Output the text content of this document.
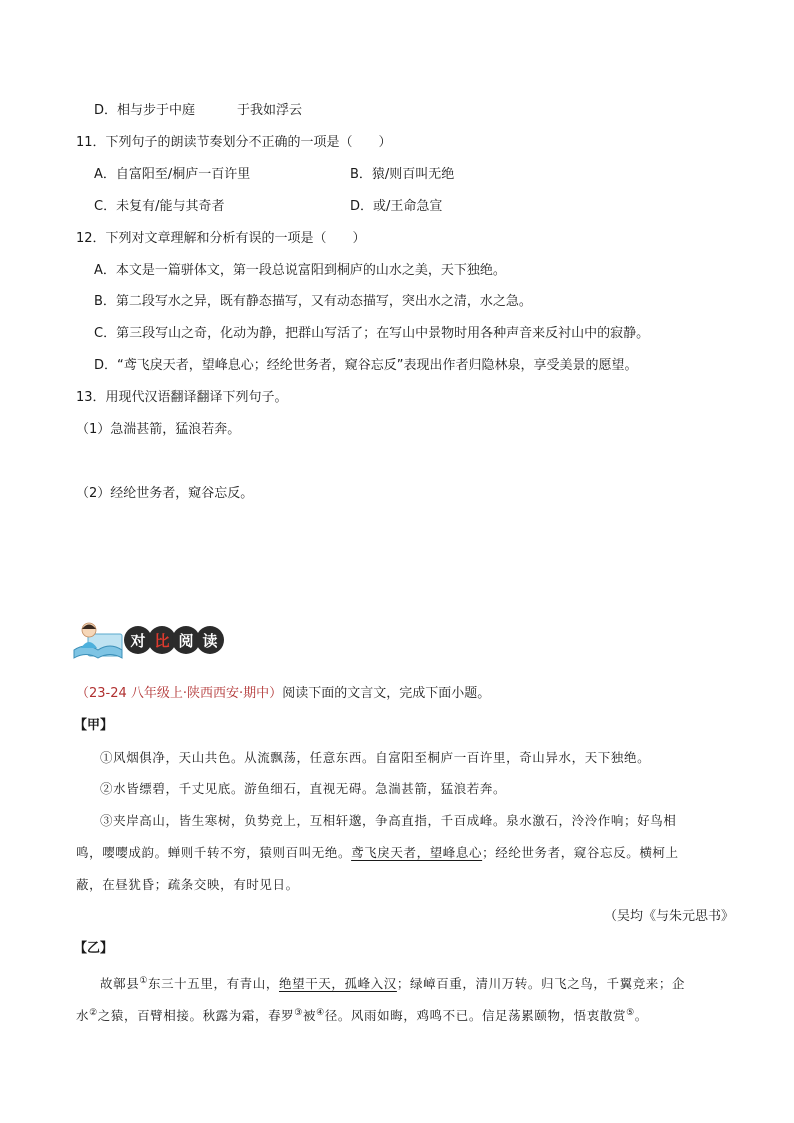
D．相与步于中庭	于我如浮云
11．下列句子的朗读节奏划分不正确的一项是（　　）
A．自富阳至/桐庐一百许里	B．猿/则百叫无绝
C．未复有/能与其奇者	D．或/王命急宣
12．下列对文章理解和分析有误的一项是（　　）
A．本文是一篇骈体文，第一段总说富阳到桐庐的山水之美，天下独绝。
B．第二段写水之异，既有静态描写，又有动态描写，突出水之清，水之急。
C．第三段写山之奇，化动为静，把群山写活了；在写山中景物时用各种声音来反衬山中的寂静。
D．“鸢飞戾天者，望峰息心；经纶世务者，窥谷忘反”表现出作者归隐林泉，享受美景的愿望。
13．用现代汉语翻译翻译下列句子。
（1）急湍甚箭，猛浪若奔。
（2）经纶世务者，窥谷忘反。
对 比 阅 读
（23-24 八年级上·陕西西安·期中）阅读下面的文言文，完成下面小题。
【甲】
①风烟俱净，天山共色。从流飘荡，任意东西。自富阳至桐庐一百许里，奇山异水，天下独绝。
②水皆缥碧，千丈见底。游鱼细石，直视无碍。急湍甚箭，猛浪若奔。
③夹岸高山，皆生寒树，负势竞上，互相轩邈，争高直指，千百成峰。泉水激石，泠泠作响；好鸟相
鸣，嘤嘤成韵。蝉则千转不穷，猿则百叫无绝。鸢飞戾天者，望峰息心；经纶世务者，窥谷忘反。横柯上
蔽，在昼犹昏；疏条交映，有时见日。
（吴均《与朱元思书》
【乙】
故鄣县①东三十五里，有青山，绝望干天，孤峰入汉；绿嶂百重，清川万转。归飞之鸟，千翼竞来；企
水②之猿，百臂相接。秋露为霜，春罗③被④径。风雨如晦，鸡鸣不已。信足荡累颐物，悟衷散赏⑤。
